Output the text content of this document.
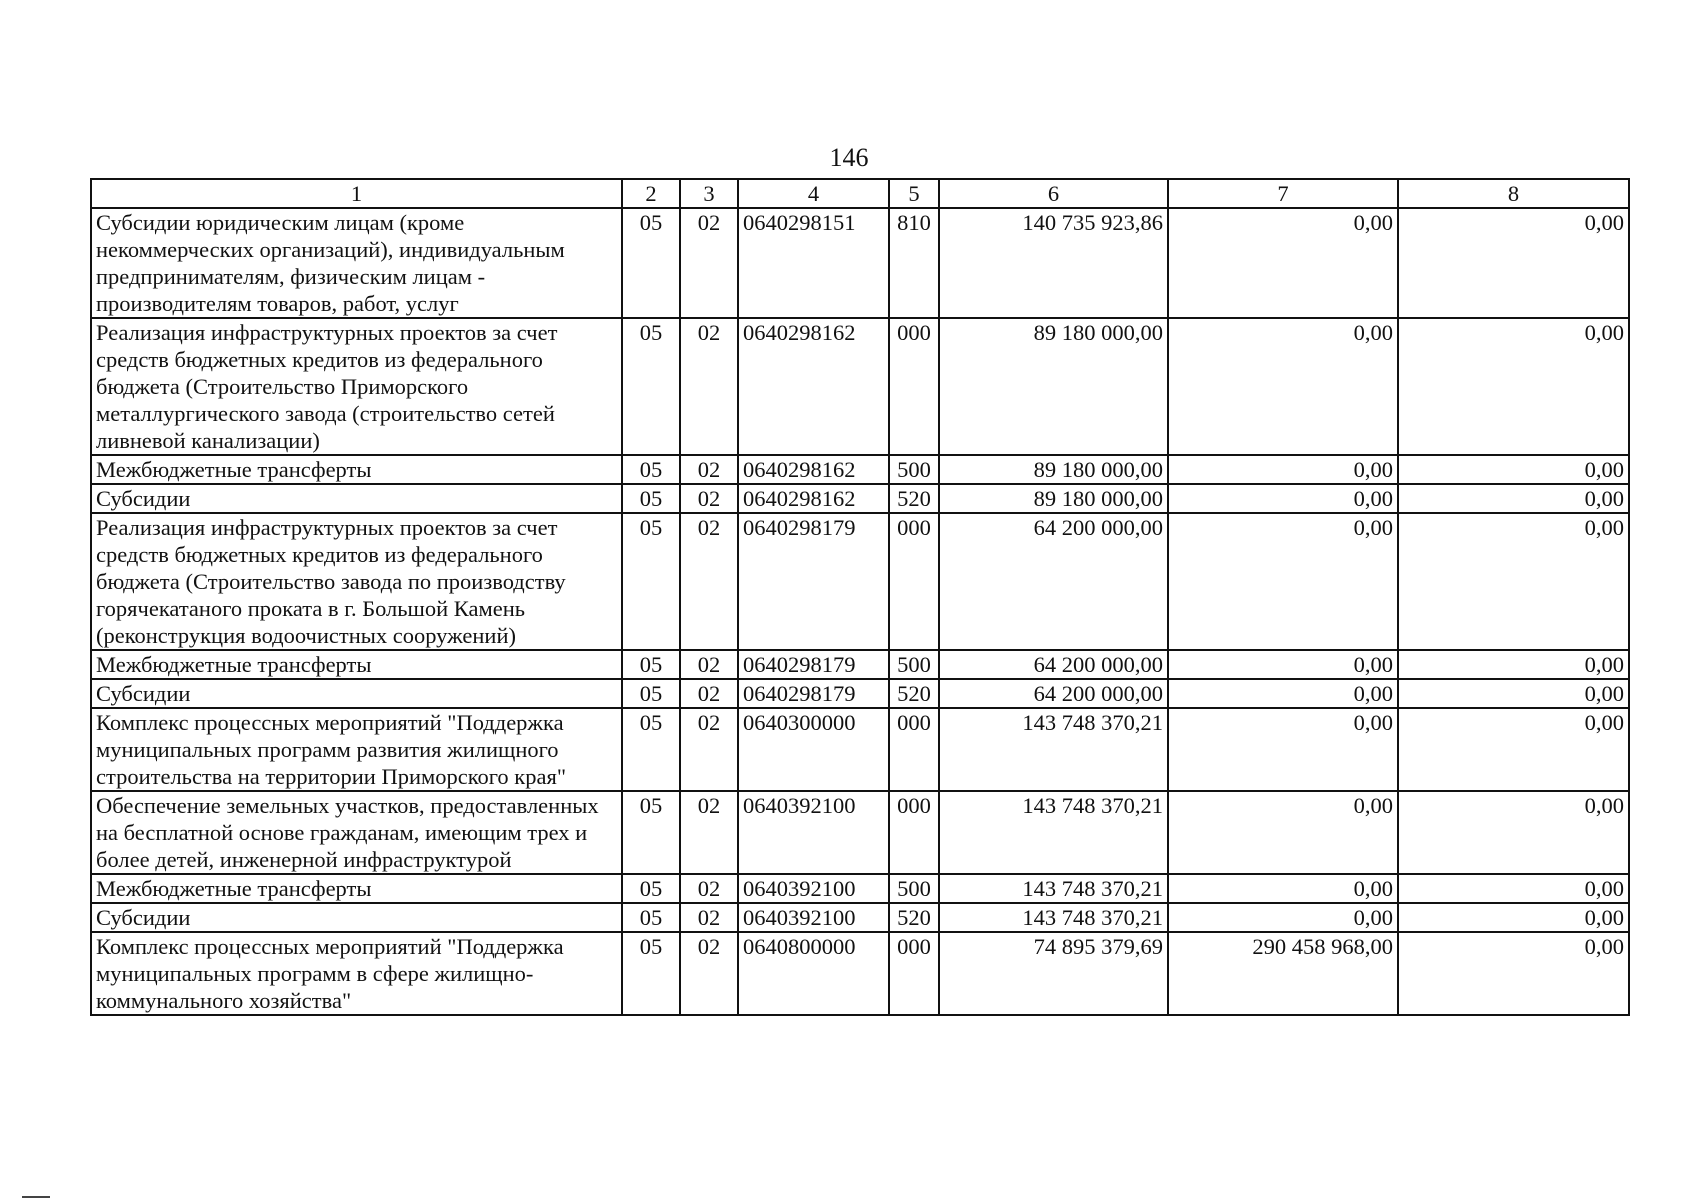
146
1	2	3	4	5	6	7	8
Субсидии юридическим лицам (кроме некоммерческих организаций), индивидуальным предпринимателям, физическим лицам - производителям товаров, работ, услуг	05	02	0640298151	810	140 735 923,86	0,00	0,00
Реализация инфраструктурных проектов за счет средств бюджетных кредитов из федерального бюджета (Строительство Приморского металлургического завода (строительство сетей ливневой канализации)	05	02	0640298162	000	89 180 000,00	0,00	0,00
Межбюджетные трансферты	05	02	0640298162	500	89 180 000,00	0,00	0,00
Субсидии	05	02	0640298162	520	89 180 000,00	0,00	0,00
Реализация инфраструктурных проектов за счет средств бюджетных кредитов из федерального бюджета (Строительство завода по производству горячекатаного проката в г. Большой Камень (реконструкция водоочистных сооружений)	05	02	0640298179	000	64 200 000,00	0,00	0,00
Межбюджетные трансферты	05	02	0640298179	500	64 200 000,00	0,00	0,00
Субсидии	05	02	0640298179	520	64 200 000,00	0,00	0,00
Комплекс процессных мероприятий "Поддержка муниципальных программ развития жилищного строительства на территории Приморского края"	05	02	0640300000	000	143 748 370,21	0,00	0,00
Обеспечение земельных участков, предоставленных на бесплатной основе гражданам, имеющим трех и более детей, инженерной инфраструктурой	05	02	0640392100	000	143 748 370,21	0,00	0,00
Межбюджетные трансферты	05	02	0640392100	500	143 748 370,21	0,00	0,00
Субсидии	05	02	0640392100	520	143 748 370,21	0,00	0,00
Комплекс процессных мероприятий "Поддержка муниципальных программ в сфере жилищно-коммунального хозяйства"	05	02	0640800000	000	74 895 379,69	290 458 968,00	0,00
